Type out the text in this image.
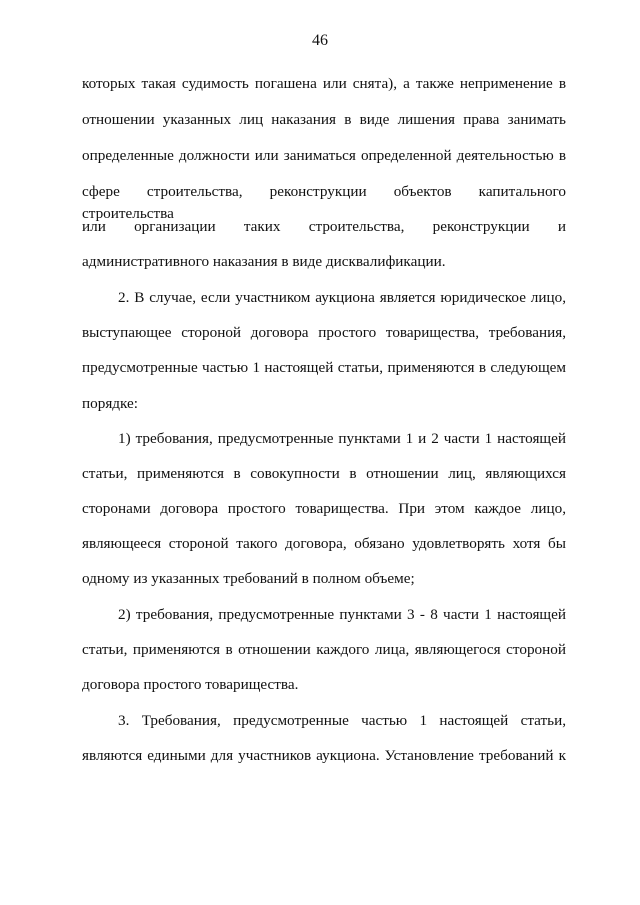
46
которых такая судимость погашена или снята), а также неприменение в
отношении указанных лиц наказания в виде лишения права занимать
определенные должности или заниматься определенной деятельностью в
сфере строительства, реконструкции объектов капитального строительства
или организации таких строительства, реконструкции и
административного наказания в виде дисквалификации.
2. В случае, если участником аукциона является юридическое лицо,
выступающее стороной договора простого товарищества, требования,
предусмотренные частью 1 настоящей статьи, применяются в следующем
порядке:
1) требования, предусмотренные пунктами 1 и 2 части 1 настоящей
статьи, применяются в совокупности в отношении лиц, являющихся
сторонами договора простого товарищества. При этом каждое лицо,
являющееся стороной такого договора, обязано удовлетворять хотя бы
одному из указанных требований в полном объеме;
2) требования, предусмотренные пунктами 3 - 8 части 1 настоящей
статьи, применяются в отношении каждого лица, являющегося стороной
договора простого товарищества.
3. Требования, предусмотренные частью 1 настоящей статьи,
являются едиными для участников аукциона. Установление требований к
